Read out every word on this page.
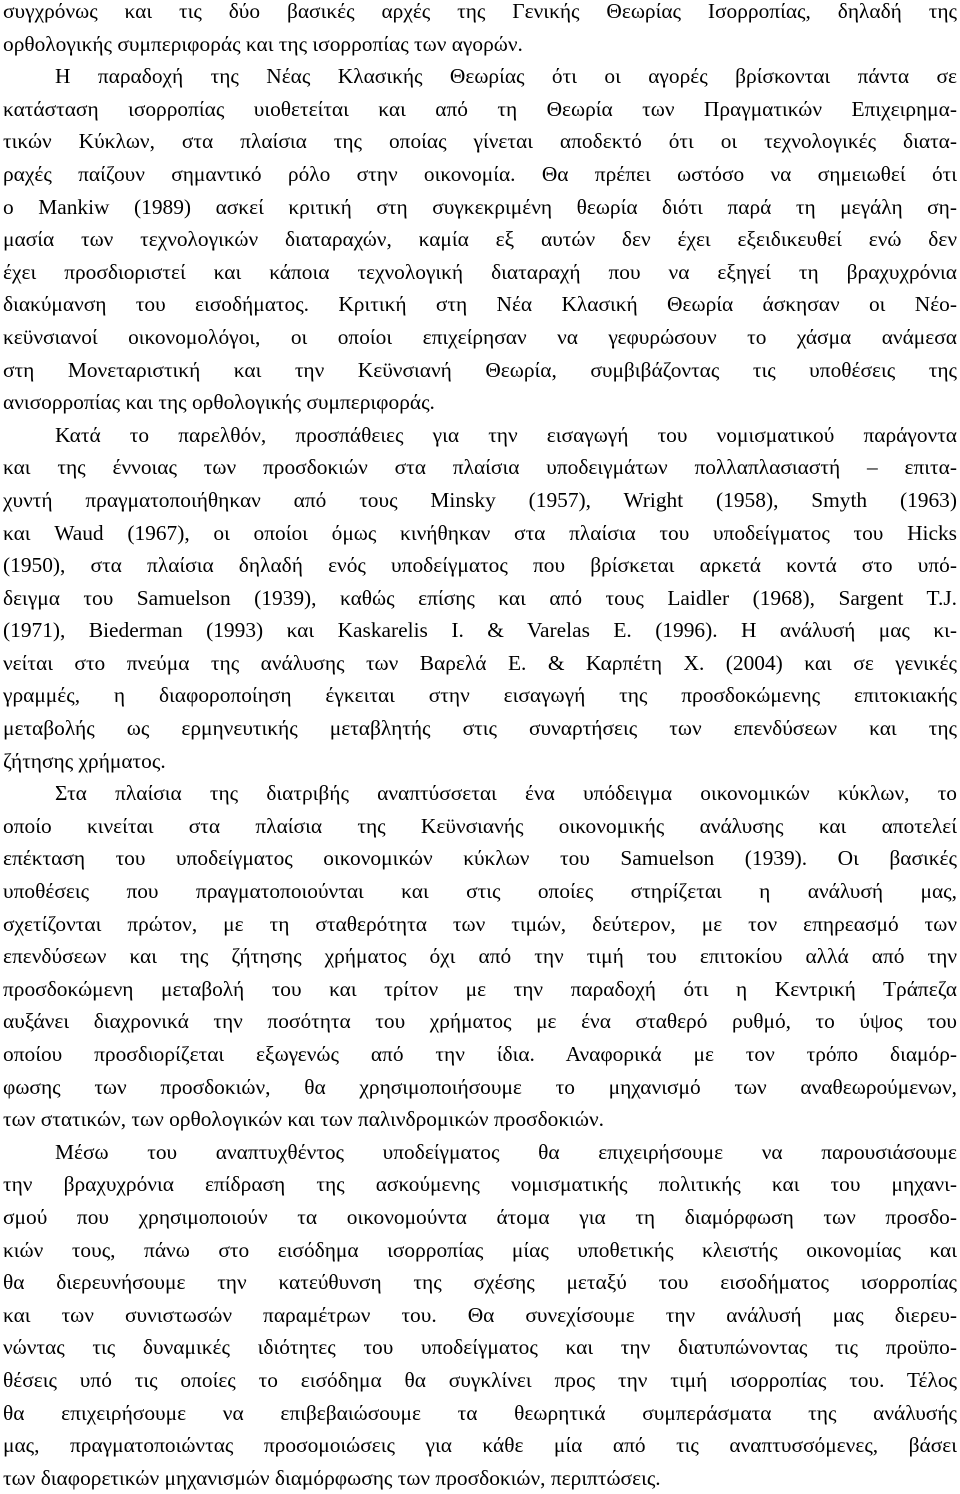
συγχρόνως και τις δύο βασικές αρχές της Γενικής Θεωρίας Ισορροπίας, δηλαδή της
ορθολογικής συμπεριφοράς και της ισορροπίας των αγορών.
Η παραδοχή της Νέας Κλασικής Θεωρίας ότι οι αγορές βρίσκονται πάντα σε
κατάσταση ισορροπίας υιοθετείται και από τη Θεωρία των Πραγματικών Επιχειρημα-
τικών Κύκλων, στα πλαίσια της οποίας γίνεται αποδεκτό ότι οι τεχνολογικές διατα-
ραχές παίζουν σημαντικό ρόλο στην οικονομία. Θα πρέπει ωστόσο να σημειωθεί ότι
ο Mankiw (1989) ασκεί κριτική στη συγκεκριμένη θεωρία διότι παρά τη μεγάλη ση-
μασία των τεχνολογικών διαταραχών, καμία εξ αυτών δεν έχει εξειδικευθεί ενώ δεν
έχει προσδιοριστεί και κάποια τεχνολογική διαταραχή που να εξηγεί τη βραχυχρόνια
διακύμανση του εισοδήματος. Κριτική στη Νέα Κλασική Θεωρία άσκησαν οι Νέο-
κεϋνσιανοί οικονομολόγοι, οι οποίοι επιχείρησαν να γεφυρώσουν το χάσμα ανάμεσα
στη Μονεταριστική και την Κεϋνσιανή Θεωρία, συμβιβάζοντας τις υποθέσεις της
ανισορροπίας και της ορθολογικής συμπεριφοράς.
Κατά το παρελθόν, προσπάθειες για την εισαγωγή του νομισματικού παράγοντα
και της έννοιας των προσδοκιών στα πλαίσια υποδειγμάτων πολλαπλασιαστή – επιτα-
χυντή πραγματοποιήθηκαν από τους Minsky (1957), Wright (1958), Smyth (1963)
και Waud (1967), οι οποίοι όμως κινήθηκαν στα πλαίσια του υποδείγματος του Hicks
(1950), στα πλαίσια δηλαδή ενός υποδείγματος που βρίσκεται αρκετά κοντά στο υπό-
δειγμα του Samuelson (1939), καθώς επίσης και από τους Laidler (1968), Sargent T.J.
(1971), Biederman (1993) και Kaskarelis I. & Varelas E. (1996). Η ανάλυσή μας κι-
νείται στο πνεύμα της ανάλυσης των Βαρελά Ε. & Καρπέτη Χ. (2004) και σε γενικές
γραμμές, η διαφοροποίηση έγκειται στην εισαγωγή της προσδοκώμενης επιτοκιακής
μεταβολής ως ερμηνευτικής μεταβλητής στις συναρτήσεις των επενδύσεων και της
ζήτησης χρήματος.
Στα πλαίσια της διατριβής αναπτύσσεται ένα υπόδειγμα οικονομικών κύκλων, το
οποίο κινείται στα πλαίσια της Κεϋνσιανής οικονομικής ανάλυσης και αποτελεί
επέκταση του υποδείγματος οικονομικών κύκλων του Samuelson (1939). Οι βασικές
υποθέσεις που πραγματοποιούνται και στις οποίες στηρίζεται η ανάλυσή μας,
σχετίζονται πρώτον, με τη σταθερότητα των τιμών, δεύτερον, με τον επηρεασμό των
επενδύσεων και της ζήτησης χρήματος όχι από την τιμή του επιτοκίου αλλά από την
προσδοκώμενη μεταβολή του και τρίτον με την παραδοχή ότι η Κεντρική Τράπεζα
αυξάνει διαχρονικά την ποσότητα του χρήματος με ένα σταθερό ρυθμό, το ύψος του
οποίου προσδιορίζεται εξωγενώς από την ίδια. Αναφορικά με τον τρόπο διαμόρ-
φωσης των προσδοκιών, θα χρησιμοποιήσουμε το μηχανισμό των αναθεωρούμενων,
των στατικών, των ορθολογικών και των παλινδρομικών προσδοκιών.
Μέσω του αναπτυχθέντος υποδείγματος θα επιχειρήσουμε να παρουσιάσουμε
την βραχυχρόνια επίδραση της ασκούμενης νομισματικής πολιτικής και του μηχανι-
σμού που χρησιμοποιούν τα οικονομούντα άτομα για τη διαμόρφωση των προσδο-
κιών τους, πάνω στο εισόδημα ισορροπίας μίας υποθετικής κλειστής οικονομίας και
θα διερευνήσουμε την κατεύθυνση της σχέσης μεταξύ του εισοδήματος ισορροπίας
και των συνιστωσών παραμέτρων του. Θα συνεχίσουμε την ανάλυσή μας διερευ-
νώντας τις δυναμικές ιδιότητες του υποδείγματος και την διατυπώνοντας τις προϋπο-
θέσεις υπό τις οποίες το εισόδημα θα συγκλίνει προς την τιμή ισορροπίας του. Τέλος
θα επιχειρήσουμε να επιβεβαιώσουμε τα θεωρητικά συμπεράσματα της ανάλυσής
μας, πραγματοποιώντας προσομοιώσεις για κάθε μία από τις αναπτυσσόμενες, βάσει
των διαφορετικών μηχανισμών διαμόρφωσης των προσδοκιών, περιπτώσεις.
